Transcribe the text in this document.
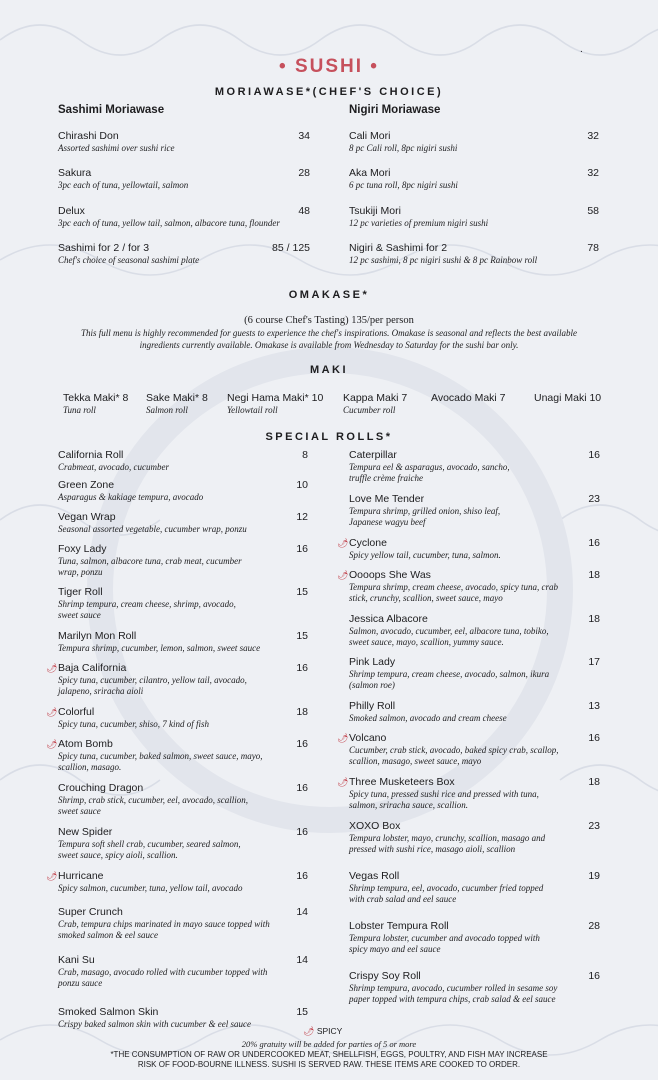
• SUSHI •
.
MORIAWASE*(CHEF'S CHOICE)
Sashimi Moriawase
Chirashi Don
Assorted sashimi over sushi rice
34
Sakura
3pc each of tuna, yellowtail, salmon
28
Delux
3pc each of tuna, yellow tail, salmon, albacore tuna, flounder
48
Sashimi for 2 / for 3
Chef's choice of seasonal sashimi plate
85 / 125
Nigiri Moriawase
Cali Mori
8 pc Cali roll, 8pc nigiri sushi
32
Aka Mori
6 pc tuna roll, 8pc nigiri sushi
32
Tsukiji Mori
12 pc varieties of premium nigiri sushi
58
Nigiri & Sashimi for 2
12 pc sashimi, 8 pc nigiri sushi & 8 pc Rainbow roll
78
OMAKASE*
(6 course Chef's Tasting) 135/per person
This full menu is highly recommended for guests to experience the chef's inspirations. Omakase is seasonal and reflects the best available
ingredients currently available. Omakase is available from Wednesday to Saturday for the sushi bar only.
MAKI
Tekka Maki* 8
Tuna roll
Sake Maki* 8
Salmon roll
Negi Hama Maki* 10
Yellowtail roll
Kappa Maki 7
Cucumber roll
Avocado Maki 7	Unagi Maki 10
SPECIAL ROLLS*
California Roll	8
Crabmeat, avocado, cucumber
Green Zone	10
Asparagus & kakiage tempura, avocado
Vegan Wrap	12
Seasonal assorted vegetable, cucumber wrap, ponzu
Foxy Lady	16
Tuna, salmon, albacore tuna, crab meat, cucumber
wrap, ponzu
Tiger Roll	15
Shrimp tempura, cream cheese, shrimp, avocado,
sweet sauce
Marilyn Mon Roll	15
Tempura shrimp, cucumber, lemon, salmon, sweet sauce
🌶︎ Baja California	16
Spicy tuna, cucumber, cilantro, yellow tail, avocado,
jalapeno, sriracha aioli
🌶︎ Colorful	18
Spicy tuna, cucumber, shiso, 7 kind of fish
🌶︎ Atom Bomb	16
Spicy tuna, cucumber, baked salmon, sweet sauce, mayo,
scallion, masago.
Crouching Dragon	16
Shrimp, crab stick, cucumber, eel, avocado, scallion,
sweet sauce
New Spider	16
Tempura soft shell crab, cucumber, seared salmon,
sweet sauce, spicy aioli, scallion.
🌶︎ Hurricane	16
Spicy salmon, cucumber, tuna, yellow tail, avocado
Super Crunch	14
Crab, tempura chips marinated in mayo sauce topped with
smoked salmon & eel sauce
Kani Su	14
Crab, masago, avocado rolled with cucumber topped with
ponzu sauce
Smoked Salmon Skin	15
Crispy baked salmon skin with cucumber & eel sauce
Caterpillar	16
Tempura eel & asparagus, avocado, sancho,
truffle crème fraiche
Love Me Tender	23
Tempura shrimp, grilled onion, shiso leaf,
Japanese wagyu beef
🌶︎ Cyclone	16
Spicy yellow tail, cucumber, tuna, salmon.
🌶︎ Oooops She Was	18
Tempura shrimp, cream cheese, avocado, spicy tuna, crab
stick, crunchy, scallion, sweet sauce, mayo
Jessica Albacore	18
Salmon, avocado, cucumber, eel, albacore tuna, tobiko,
sweet sauce, mayo, scallion, yummy sauce.
Pink Lady	17
Shrimp tempura, cream cheese, avocado, salmon, ikura
(salmon roe)
Philly Roll	13
Smoked salmon, avocado and cream cheese
🌶︎ Volcano	16
Cucumber, crab stick, avocado, baked spicy crab, scallop,
scallion, masago, sweet sauce, mayo
🌶︎ Three Musketeers Box	18
Spicy tuna, pressed sushi rice and pressed with tuna,
salmon, sriracha sauce, scallion.
XOXO Box	23
Tempura lobster, mayo, crunchy, scallion, masago and
pressed with sushi rice, masago aioli, scallion
Vegas Roll	19
Shrimp tempura, eel, avocado, cucumber fried topped
with crab salad and eel sauce
Lobster Tempura Roll	28
Tempura lobster, cucumber and avocado topped with
spicy mayo and eel sauce
Crispy Soy Roll	16
Shrimp tempura, avocado, cucumber rolled in sesame soy
paper topped with tempura chips, crab salad & eel sauce
🌶︎ SPICY
20% gratuity will be added for parties of 5 or more
*THE CONSUMPTION OF RAW OR UNDERCOOKED MEAT, SHELLFISH, EGGS, POULTRY, AND FISH MAY INCREASE
RISK OF FOOD-BOURNE ILLNESS. SUSHI IS SERVED RAW. THESE ITEMS ARE COOKED TO ORDER.
